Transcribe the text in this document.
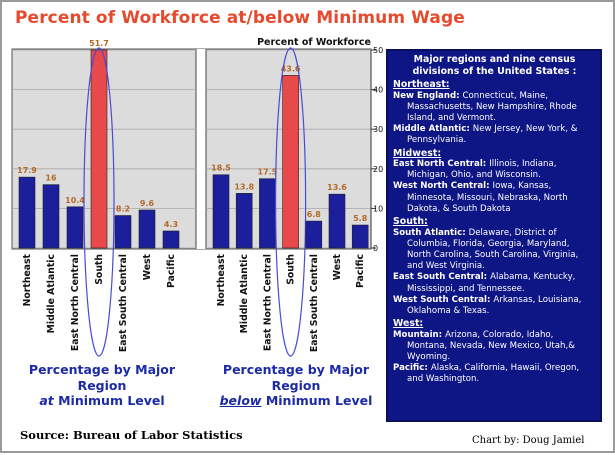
Percent of Workforce at/below Minimum Wage
0
10
20
30
40
50
Percent of Workforce
17.9
Northeast
16
Middle Atlantic
10.4
East North Central
51.7
South
8.2
East South Central
9.6
West
4.3
Pacific
18.5
Northeast
13.8
Middle Atlantic
17.5
East North Central
43.6
South
6.8
East South Central
13.6
West
5.8
Pacific
Percentage by Major
Region
at Minimum Level
Percentage by Major
Region
below Minimum Level
Major regions and nine census divisions of the United States :
Northeast:
New England: Connecticut, Maine, Massachusetts, New Hampshire, Rhode Island, and Vermont.
Middle Atlantic: New Jersey, New York, & Pennsylvania.
Midwest:
East North Central: Illinois, Indiana, Michigan, Ohio, and Wisconsin.
West North Central: Iowa, Kansas, Minnesota, Missouri, Nebraska, North Dakota, & South Dakota
South:
South Atlantic: Delaware, District of Columbia, Florida, Georgia, Maryland, North Carolina, South Carolina, Virginia, and West Virginia.
East South Central: Alabama, Kentucky, Mississippi, and Tennessee.
West South Central: Arkansas, Louisiana, Oklahoma & Texas.
West:
Mountain: Arizona, Colorado, Idaho, Montana, Nevada, New Mexico, Utah,& Wyoming.
Pacific: Alaska, California, Hawaii, Oregon, and Washington.
Source: Bureau of Labor Statistics	Chart by: Doug Jamiel
